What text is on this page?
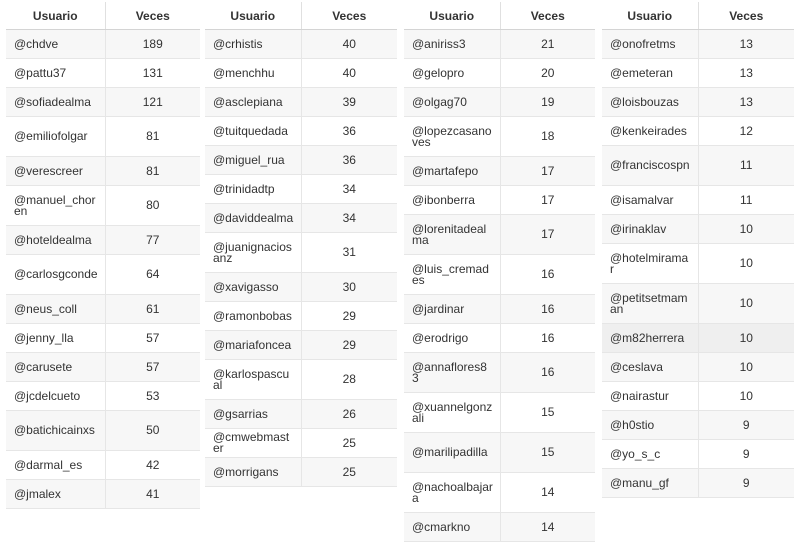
Usuario	Veces
@chdve	189
@pattu37	131
@sofiadealma	121
@emiliofolgar	81
@verescreer	81
@manuel_choren	80
@hoteldealma	77
@carlosgconde	64
@neus_coll	61
@jenny_lla	57
@carusete	57
@jcdelcueto	53
@batichicainxs	50
@darmal_es	42
@jmalex	41
Usuario	Veces
@crhistis	40
@menchhu	40
@asclepiana	39
@tuitquedada	36
@miguel_rua	36
@trinidadtp	34
@daviddealma	34
@juanignaciosanz	31
@xavigasso	30
@ramonbobas	29
@mariafoncea	29
@karlospascual	28
@gsarrias	26
@cmwebmaster	25
@morrigans	25
Usuario	Veces
@aniriss3	21
@gelopro	20
@olgag70	19
@lopezcasanoves	18
@martafepo	17
@ibonberra	17
@lorenitadealma	17
@luis_cremades	16
@jardinar	16
@erodrigo	16
@annaflores83	16
@xuannelgonzali	15
@marilipadilla	15
@nachoalbajara	14
@cmarkno	14
Usuario	Veces
@onofretms	13
@emeteran	13
@loisbouzas	13
@kenkeirades	12
@franciscospn	11
@isamalvar	11
@irinaklav	10
@hotelmiramar	10
@petitsetmaman	10
@m82herrera	10
@ceslava	10
@nairastur	10
@h0stio	9
@yo_s_c	9
@manu_gf	9
